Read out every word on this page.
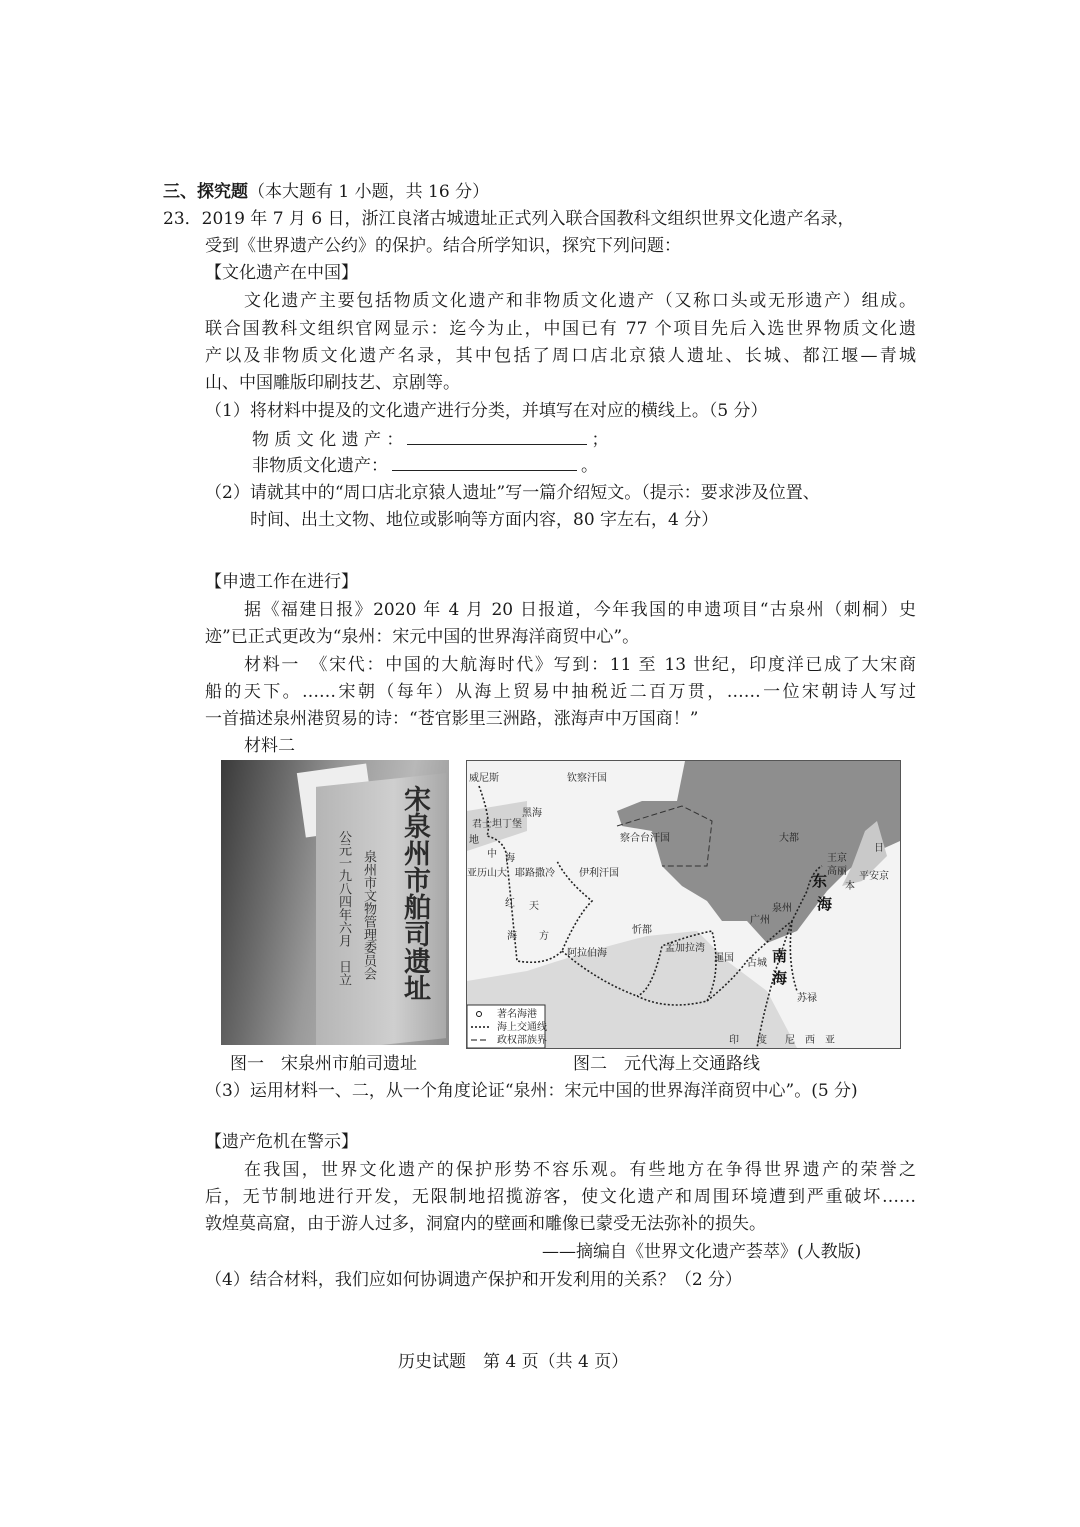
三、探究题（本大题有 1 小题，共 16 分）
23．2019 年 7 月 6 日，浙江良渚古城遗址正式列入联合国教科文组织世界文化遗产名录，
受到《世界遗产公约》的保护。结合所学知识，探究下列问题：
【文化遗产在中国】
文化遗产主要包括物质文化遗产和非物质文化遗产（又称口头或无形遗产）组成。
联合国教科文组织官网显示：迄今为止，中国已有 77 个项目先后入选世界物质文化遗
产以及非物质文化遗产名录，其中包括了周口店北京猿人遗址、长城、都江堰—青城
山、中国雕版印刷技艺、京剧等。
（1）将材料中提及的文化遗产进行分类，并填写在对应的横线上。（5 分）
物 质 文 化 遗 产 ：	；
非物质文化遗产：	。
（2）请就其中的“周口店北京猿人遗址”写一篇介绍短文。（提示：要求涉及位置、
时间、出土文物、地位或影响等方面内容，80 字左右，4 分）
【申遗工作在进行】
据《福建日报》2020 年 4 月 20 日报道，今年我国的申遗项目“古泉州（刺桐）史
迹”已正式更改为“泉州：宋元中国的世界海洋商贸中心”。
材料一　《宋代：中国的大航海时代》写到：11 至 13 世纪，印度洋已成了大宋商
船的天下。……宋朝（每年）从海上贸易中抽税近二百万贯，……一位宋朝诗人写过
一首描述泉州港贸易的诗：“苍官影里三洲路，涨海声中万国商！”
材料二
宋泉州市舶司遗址
泉州市文物管理委员会
公元一九八四年六月　日立
威尼斯	钦察汗国
黑海
君士坦丁堡
地
中 海
亚历山大 耶路撒冷 伊利汗国
察合台汗国	大都
王京
高丽
日
本
平安京
东
海
泉州
广州
天
方
红
海
忻都
阿拉伯海	孟加拉湾
暹国 占城 南
海
苏禄
印 度 尼 西 亚
著名海港
海上交通线
政权部族界
图一　宋泉州市舶司遗址	图二　元代海上交通路线
（3）运用材料一、二，从一个角度论证“泉州：宋元中国的世界海洋商贸中心”。(5 分)
【遗产危机在警示】
在我国，世界文化遗产的保护形势不容乐观。有些地方在争得世界遗产的荣誉之
后，无节制地进行开发，无限制地招揽游客，使文化遗产和周围环境遭到严重破坏……
敦煌莫高窟，由于游人过多，洞窟内的壁画和雕像已蒙受无法弥补的损失。
——摘编自《世界文化遗产荟萃》(人教版)
（4）结合材料，我们应如何协调遗产保护和开发利用的关系？（2 分）
历史试题　第 4 页（共 4 页）
